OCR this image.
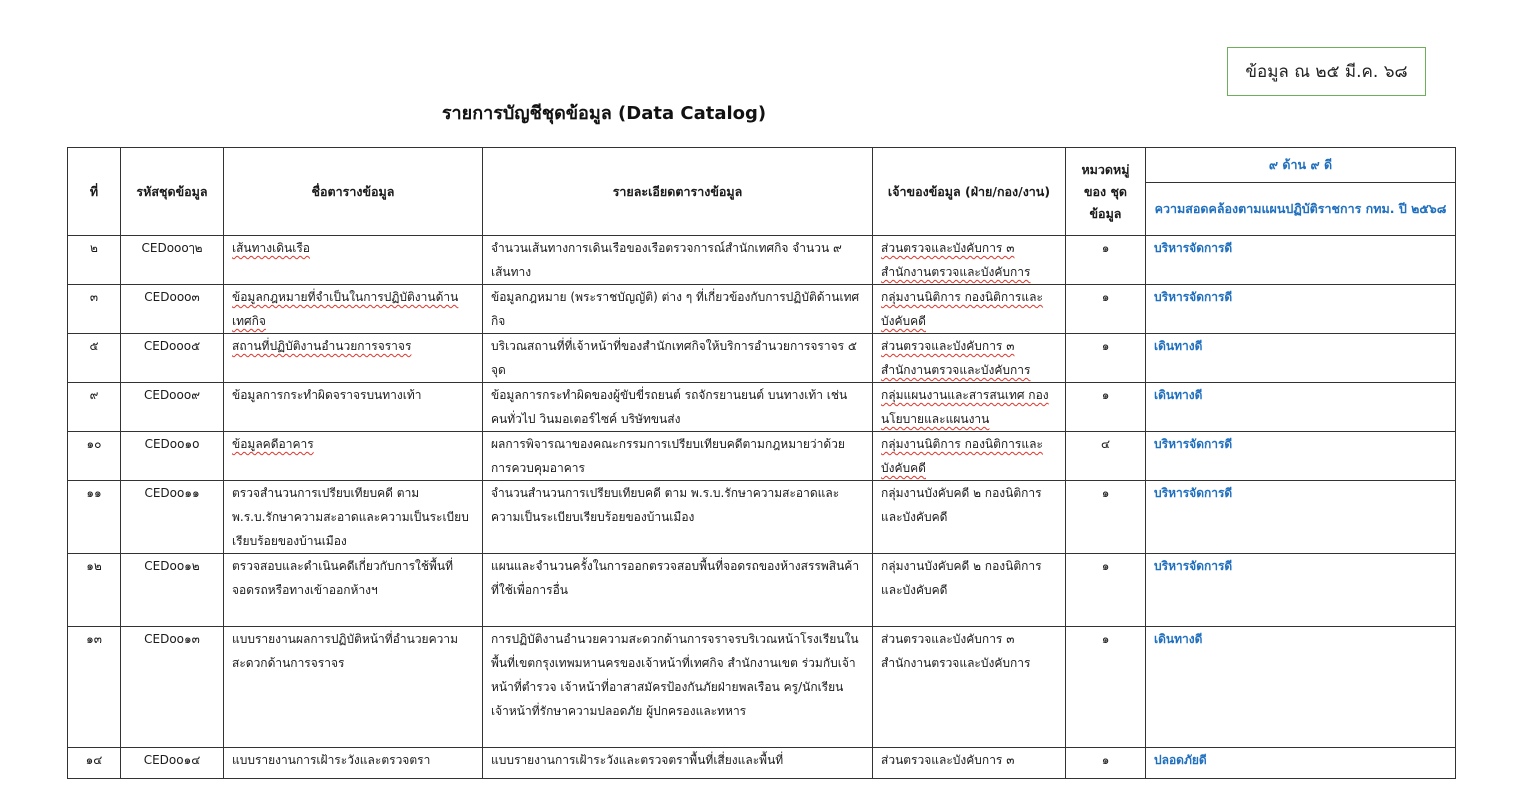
ข้อมูล ณ ๒๕ มี.ค. ๖๘
รายการบัญชีชุดข้อมูล (Data Catalog)
ที่	รหัสชุดข้อมูล	ชื่อตารางข้อมูล	รายละเอียดตารางข้อมูล	เจ้าของข้อมูล (ฝ่าย/กอง/งาน)	หมวดหมู่ ของ ชุดข้อมูล	๙ ด้าน ๙ ดี
						ความสอดคล้องตามแผนปฏิบัติราชการ กทม. ปี ๒๕๖๘
๒	CEDoooๅ๒	เส้นทางเดินเรือ	จำนวนเส้นทางการเดินเรือของเรือตรวจการณ์สำนักเทศกิจ จำนวน ๙ เส้นทาง	ส่วนตรวจและบังคับการ ๓ สำนักงานตรวจและบังคับการ	๑	บริหารจัดการดี
๓	CEDooo๓	ข้อมูลกฎหมายที่จำเป็นในการปฏิบัติงานด้านเทศกิจ	ข้อมูลกฎหมาย (พระราชบัญญัติ) ต่าง ๆ ที่เกี่ยวข้องกับการปฏิบัติด้านเทศกิจ	กลุ่มงานนิติการ กองนิติการและบังคับคดี	๑	บริหารจัดการดี
๕	CEDooo๕	สถานที่ปฏิบัติงานอำนวยการจราจร	บริเวณสถานที่ที่เจ้าหน้าที่ของสำนักเทศกิจให้บริการอำนวยการจราจร ๕ จุด	ส่วนตรวจและบังคับการ ๓ สำนักงานตรวจและบังคับการ	๑	เดินทางดี
๙	CEDooo๙	ข้อมูลการกระทำผิดจราจรบนทางเท้า	ข้อมูลการกระทำผิดของผู้ขับขี่รถยนต์ รถจักรยานยนต์ บนทางเท้า เช่น คนทั่วไป วินมอเตอร์ไซค์ บริษัทขนส่ง	กลุ่มแผนงานและสารสนเทศ กองนโยบายและแผนงาน	๑	เดินทางดี
๑๐	CEDoo๑o	ข้อมูลคดีอาคาร	ผลการพิจารณาของคณะกรรมการเปรียบเทียบคดีตามกฎหมายว่าด้วยการควบคุมอาคาร	กลุ่มงานนิติการ กองนิติการและบังคับคดี	๔	บริหารจัดการดี
๑๑	CEDoo๑๑	ตรวจสำนวนการเปรียบเทียบคดี ตาม พ.ร.บ.รักษาความสะอาดและความเป็นระเบียบเรียบร้อยของบ้านเมือง	จำนวนสำนวนการเปรียบเทียบคดี ตาม พ.ร.บ.รักษาความสะอาดและความเป็นระเบียบเรียบร้อยของบ้านเมือง	กลุ่มงานบังคับคดี ๒ กองนิติการและบังคับคดี	๑	บริหารจัดการดี
๑๒	CEDoo๑๒	ตรวจสอบและดำเนินคดีเกี่ยวกับการใช้พื้นที่จอดรถหรือทางเข้าออกห้างฯ	แผนและจำนวนครั้งในการออกตรวจสอบพื้นที่จอดรถของห้างสรรพสินค้าที่ใช้เพื่อการอื่น	กลุ่มงานบังคับคดี ๒ กองนิติการและบังคับคดี	๑	บริหารจัดการดี
๑๓	CEDoo๑๓	แบบรายงานผลการปฏิบัติหน้าที่อำนวยความสะดวกด้านการจราจร	การปฏิบัติงานอำนวยความสะดวกด้านการจราจรบริเวณหน้าโรงเรียนในพื้นที่เขตกรุงเทพมหานครของเจ้าหน้าที่เทศกิจ สำนักงานเขต ร่วมกับเจ้าหน้าที่ตำรวจ เจ้าหน้าที่อาสาสมัครป้องกันภัยฝ่ายพลเรือน ครู/นักเรียน เจ้าหน้าที่รักษาความปลอดภัย ผู้ปกครองและทหาร	ส่วนตรวจและบังคับการ ๓ สำนักงานตรวจและบังคับการ	๑	เดินทางดี
๑๔	CEDoo๑๔	แบบรายงานการเฝ้าระวังและตรวจตรา	แบบรายงานการเฝ้าระวังและตรวจตราพื้นที่เสี่ยงและพื้นที่	ส่วนตรวจและบังคับการ ๓	๑	ปลอดภัยดี
